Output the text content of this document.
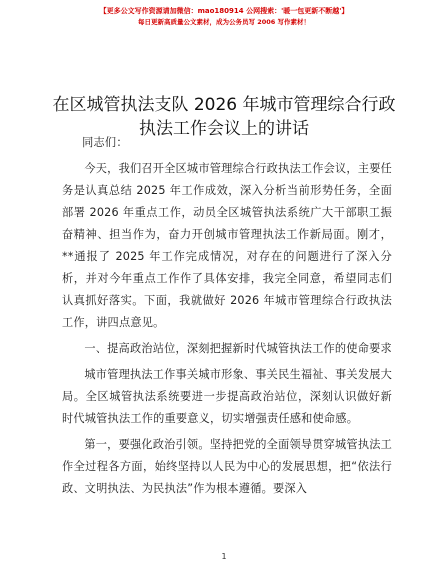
【更多公文写作资源请加微信：mao180914 公网搜索：'暖一包更新不断越'】
每日更新高质量公文素材，成为公务员写 2006 写作素材！
在区城管执法支队 2026 年城市管理综合行政执法工作会议上的讲话

同志们：

今天，我们召开全区城市管理综合行政执法工作会议，主要任务是认真总结 2025 年工作成效，深入分析当前形势任务，全面部署 2026 年重点工作，动员全区城管执法系统广大干部职工振奋精神、担当作为，奋力开创城市管理执法工作新局面。刚才，**通报了 2025 年工作完成情况，对存在的问题进行了深入分析，并对今年重点工作作了具体安排，我完全同意，希望同志们认真抓好落实。下面，我就做好 2026 年城市管理综合行政执法工作，讲四点意见。

一、提高政治站位，深刻把握新时代城管执法工作的使命要求

城市管理执法工作事关城市形象、事关民生福祉、事关发展大局。全区城管执法系统要进一步提高政治站位，深刻认识做好新时代城管执法工作的重要意义，切实增强责任感和使命感。

第一，要强化政治引领。坚持把党的全面领导贯穿城管执法工作全过程各方面，始终坚持以人民为中心的发展思想，把“依法行政、文明执法、为民执法”作为根本遵循。要深入

1
